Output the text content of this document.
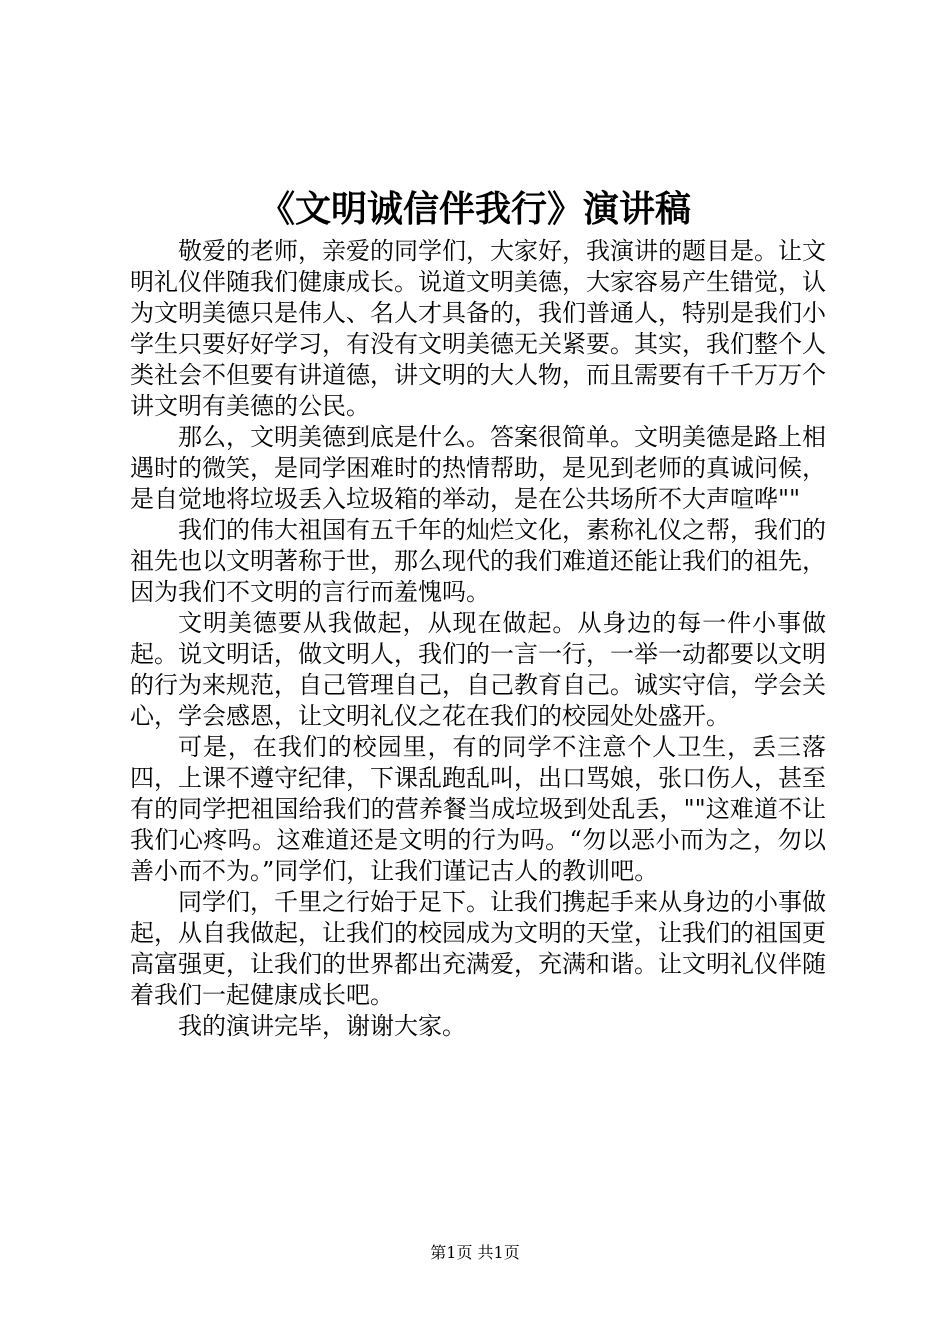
《文明诚信伴我行》演讲稿

敬爱的老师，亲爱的同学们，大家好，我演讲的题目是。让文明礼仪伴随我们健康成长。说道文明美德，大家容易产生错觉，认为文明美德只是伟人、名人才具备的，我们普通人，特别是我们小学生只要好好学习，有没有文明美德无关紧要。其实，我们整个人类社会不但要有讲道德，讲文明的大人物，而且需要有千千万万个讲文明有美德的公民。

那么，文明美德到底是什么。答案很简单。文明美德是路上相遇时的微笑，是同学困难时的热情帮助，是见到老师的真诚问候，是自觉地将垃圾丢入垃圾箱的举动，是在公共场所不大声喧哗""

我们的伟大祖国有五千年的灿烂文化，素称礼仪之帮，我们的祖先也以文明著称于世，那么现代的我们难道还能让我们的祖先，因为我们不文明的言行而羞愧吗。

文明美德要从我做起，从现在做起。从身边的每一件小事做起。说文明话，做文明人，我们的一言一行，一举一动都要以文明的行为来规范，自己管理自己，自己教育自己。诚实守信，学会关心，学会感恩，让文明礼仪之花在我们的校园处处盛开。

可是，在我们的校园里，有的同学不注意个人卫生，丢三落四，上课不遵守纪律，下课乱跑乱叫，出口骂娘，张口伤人，甚至有的同学把祖国给我们的营养餐当成垃圾到处乱丢，""这难道不让我们心疼吗。这难道还是文明的行为吗。“勿以恶小而为之，勿以善小而不为。”同学们，让我们谨记古人的教训吧。

同学们，千里之行始于足下。让我们携起手来从身边的小事做起，从自我做起，让我们的校园成为文明的天堂，让我们的祖国更高富强更，让我们的世界都出充满爱，充满和谐。让文明礼仪伴随着我们一起健康成长吧。

我的演讲完毕，谢谢大家。

第1页 共1页
